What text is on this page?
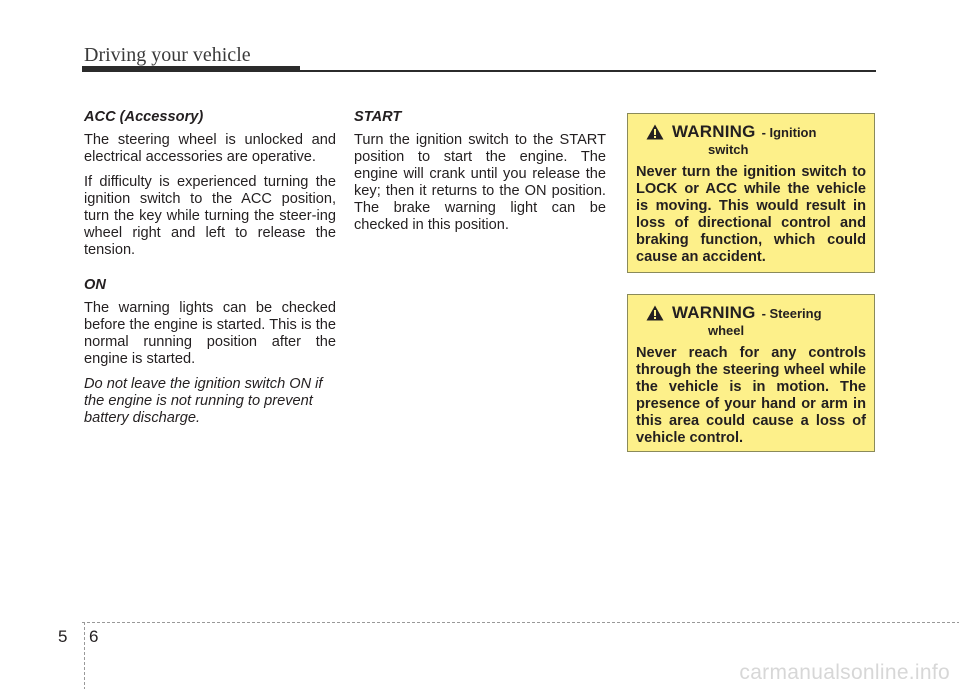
Driving your vehicle

ACC (Accessory)

The steering wheel is unlocked and electrical accessories are operative.

If difficulty is experienced turning the ignition switch to the ACC position, turn the key while turning the steer-ing wheel right and left to release the tension.

ON

The warning lights can be checked before the engine is started. This is the normal running position after the engine is started.

Do not leave the ignition switch ON if the engine is not running to prevent battery discharge.

START

Turn the ignition switch to the START position to start the engine. The engine will crank until you release the key; then it returns to the ON position. The brake warning light can be checked in this position.

WARNING - Ignition
switch
Never turn the ignition switch to LOCK or ACC while the vehicle is moving. This would result in loss of directional control and braking function, which could cause an accident.
WARNING - Steering
wheel
Never reach for any controls through the steering wheel while the vehicle is in motion. The presence of your hand or arm in this area could cause a loss of vehicle control.
5 6
carmanualsonline.info
